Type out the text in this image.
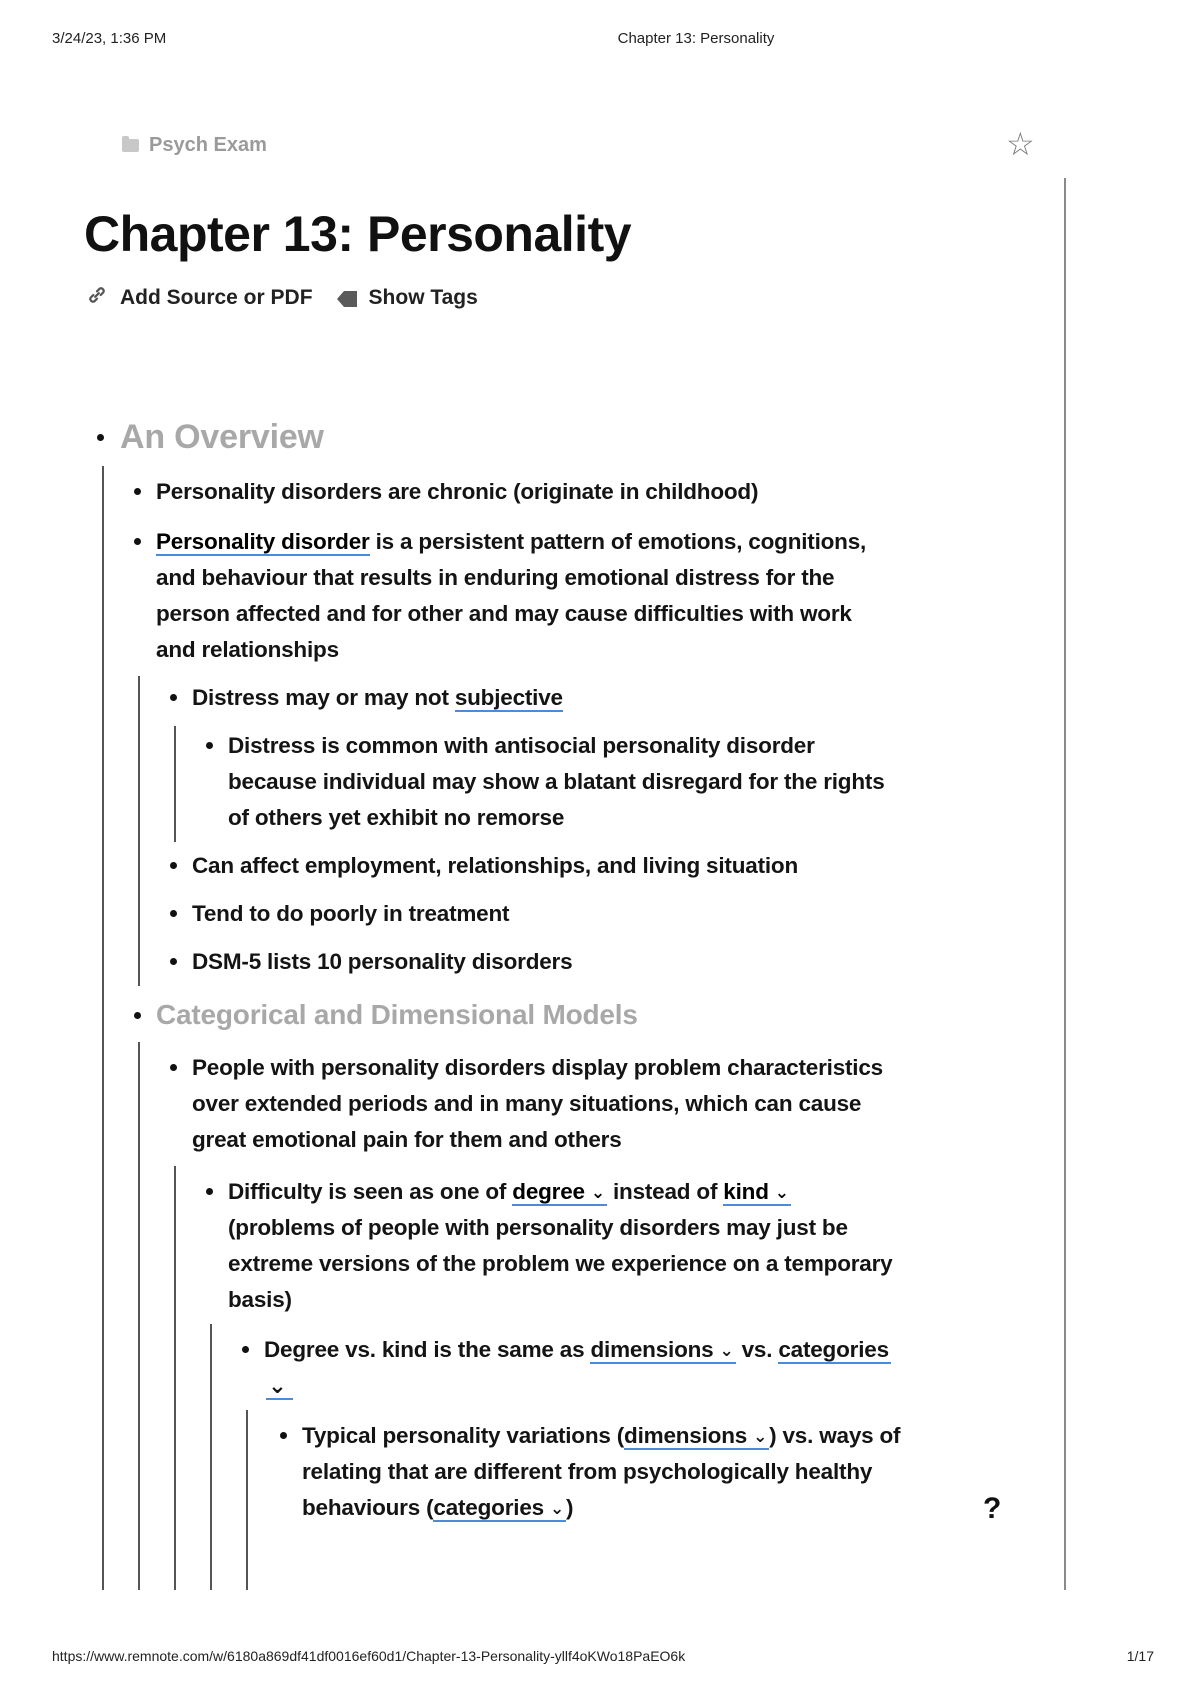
3/24/23, 1:36 PM	Chapter 13: Personality
Psych Exam	☆
Chapter 13: Personality
Add Source or PDF	Show Tags
An Overview
Personality disorders are chronic (originate in childhood)
Personality disorder is a persistent pattern of emotions, cognitions,
and behaviour that results in enduring emotional distress for the
person affected and for other and may cause difficulties with work
and relationships
Distress may or may not subjective
Distress is common with antisocial personality disorder
because individual may show a blatant disregard for the rights
of others yet exhibit no remorse
Can affect employment, relationships, and living situation
Tend to do poorly in treatment
DSM-5 lists 10 personality disorders
Categorical and Dimensional Models
People with personality disorders display problem characteristics
over extended periods and in many situations, which can cause
great emotional pain for them and others
Difficulty is seen as one of degree ⌄ instead of kind ⌄
(problems of people with personality disorders may just be
extreme versions of the problem we experience on a temporary
basis)
Degree vs. kind is the same as dimensions ⌄ vs. categories
⌄
Typical personality variations (dimensions ⌄) vs. ways of
relating that are different from psychologically healthy
behaviours (categories ⌄)	?
https://www.remnote.com/w/6180a869df41df0016ef60d1/Chapter-13-Personality-yllf4oKWo18PaEO6k	1/17
